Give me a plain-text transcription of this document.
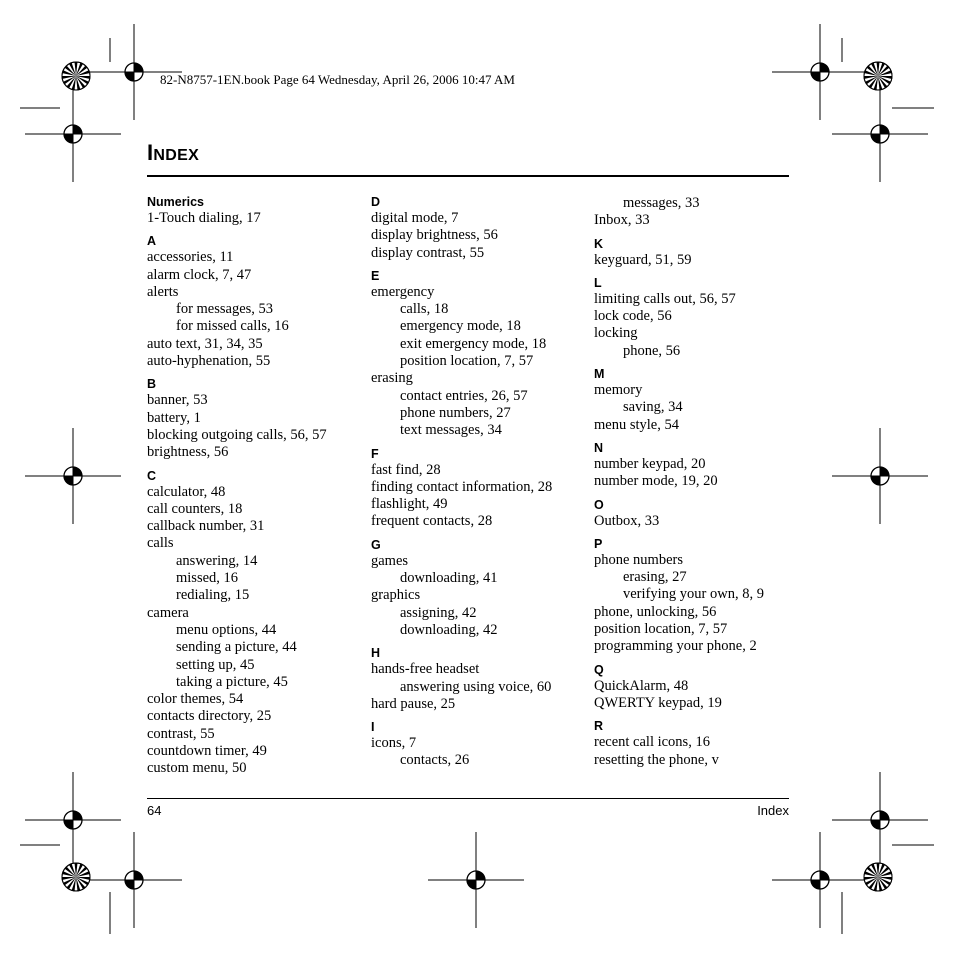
82-N8757-1EN.book Page 64 Wednesday, April 26, 2006 10:47 AM
INDEX
Numerics
1-Touch dialing, 17
A
accessories, 11
alarm clock, 7, 47
alerts
for messages, 53
for missed calls, 16
auto text, 31, 34, 35
auto-hyphenation, 55
B
banner, 53
battery, 1
blocking outgoing calls, 56, 57
brightness, 56
C
calculator, 48
call counters, 18
callback number, 31
calls
answering, 14
missed, 16
redialing, 15
camera
menu options, 44
sending a picture, 44
setting up, 45
taking a picture, 45
color themes, 54
contacts directory, 25
contrast, 55
countdown timer, 49
custom menu, 50
D
digital mode, 7
display brightness, 56
display contrast, 55
E
emergency
calls, 18
emergency mode, 18
exit emergency mode, 18
position location, 7, 57
erasing
contact entries, 26, 57
phone numbers, 27
text messages, 34
F
fast find, 28
finding contact information, 28
flashlight, 49
frequent contacts, 28
G
games
downloading, 41
graphics
assigning, 42
downloading, 42
H
hands-free headset
answering using voice, 60
hard pause, 25
I
icons, 7
contacts, 26
messages, 33
Inbox, 33
K
keyguard, 51, 59
L
limiting calls out, 56, 57
lock code, 56
locking
phone, 56
M
memory
saving, 34
menu style, 54
N
number keypad, 20
number mode, 19, 20
O
Outbox, 33
P
phone numbers
erasing, 27
verifying your own, 8, 9
phone, unlocking, 56
position location, 7, 57
programming your phone, 2
Q
QuickAlarm, 48
QWERTY keypad, 19
R
recent call icons, 16
resetting the phone, v
64	Index
